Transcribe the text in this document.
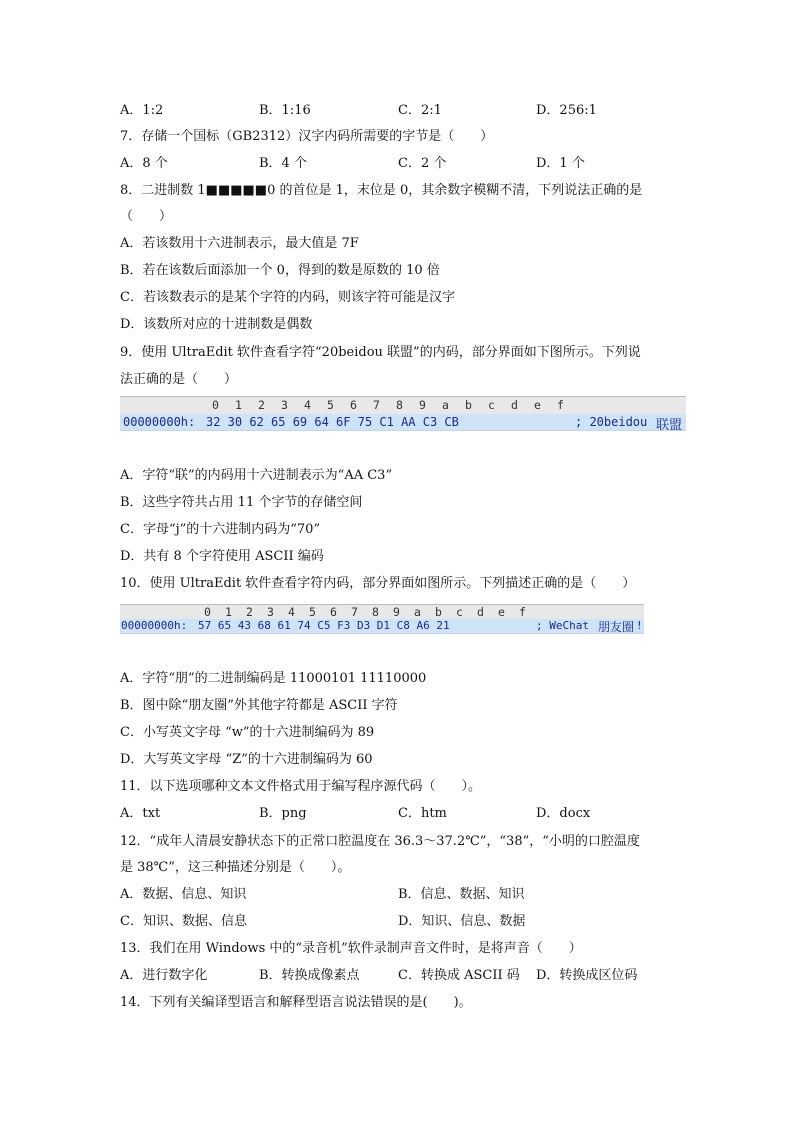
A．1:2	B．1:16	C．2:1	D．256:1
7．存储一个国标（GB2312）汉字内码所需要的字节是（　　）
A．8 个	B．4 个	C．2 个	D．1 个
8．二进制数 1■■■■■0 的首位是 1，末位是 0，其余数字模糊不清，下列说法正确的是
（　　）
A．若该数用十六进制表示，最大值是 7F
B．若在该数后面添加一个 0，得到的数是原数的 10 倍
C．若该数表示的是某个字符的内码，则该字符可能是汉字
D．该数所对应的十进制数是偶数
9．使用 UltraEdit 软件查看字符“20beidou 联盟”的内码，部分界面如下图所示。下列说
法正确的是（　　）
0 1 2 3 4 5 6 7 8 9 a b c d e f
00000000h: 32 30 62 65 69 64 6F 75 C1 AA C3 CB	; 20beidou 联盟
A．字符“联”的内码用十六进制表示为“AA C3”
B．这些字符共占用 11 个字节的存储空间
C．字母“j”的十六进制内码为“70”
D．共有 8 个字符使用 ASCII 编码
10．使用 UltraEdit 软件查看字符内码，部分界面如图所示。下列描述正确的是（　　）
0 1 2 3 4 5 6 7 8 9 a b c d e f
00000000h: 57 65 43 68 61 74 C5 F3 D3 D1 C8 A6 21	; WeChat 朋友圈 !
A．字符“朋”的二进制编码是 11000101 11110000
B．图中除“朋友圈”外其他字符都是 ASCII 字符
C．小写英文字母 “w”的十六进制编码为 89
D．大写英文字母 “Z”的十六进制编码为 60
11．以下选项哪种文本文件格式用于编写程序源代码（　　）。
A．txt	B．png	C．htm	D．docx
12．“成年人清晨安静状态下的正常口腔温度在 36.3～37.2℃”，“38”，“小明的口腔温度
是 38℃”，这三种描述分别是（　　）。
A．数据、信息、知识	B．信息、数据、知识
C．知识、数据、信息	D．知识、信息、数据
13．我们在用 Windows 中的“录音机”软件录制声音文件时，是将声音（　　）
A．进行数字化	B．转换成像素点	C．转换成 ASCII 码 D．转换成区位码
14．下列有关编译型语言和解释型语言说法错误的是(　　)。
